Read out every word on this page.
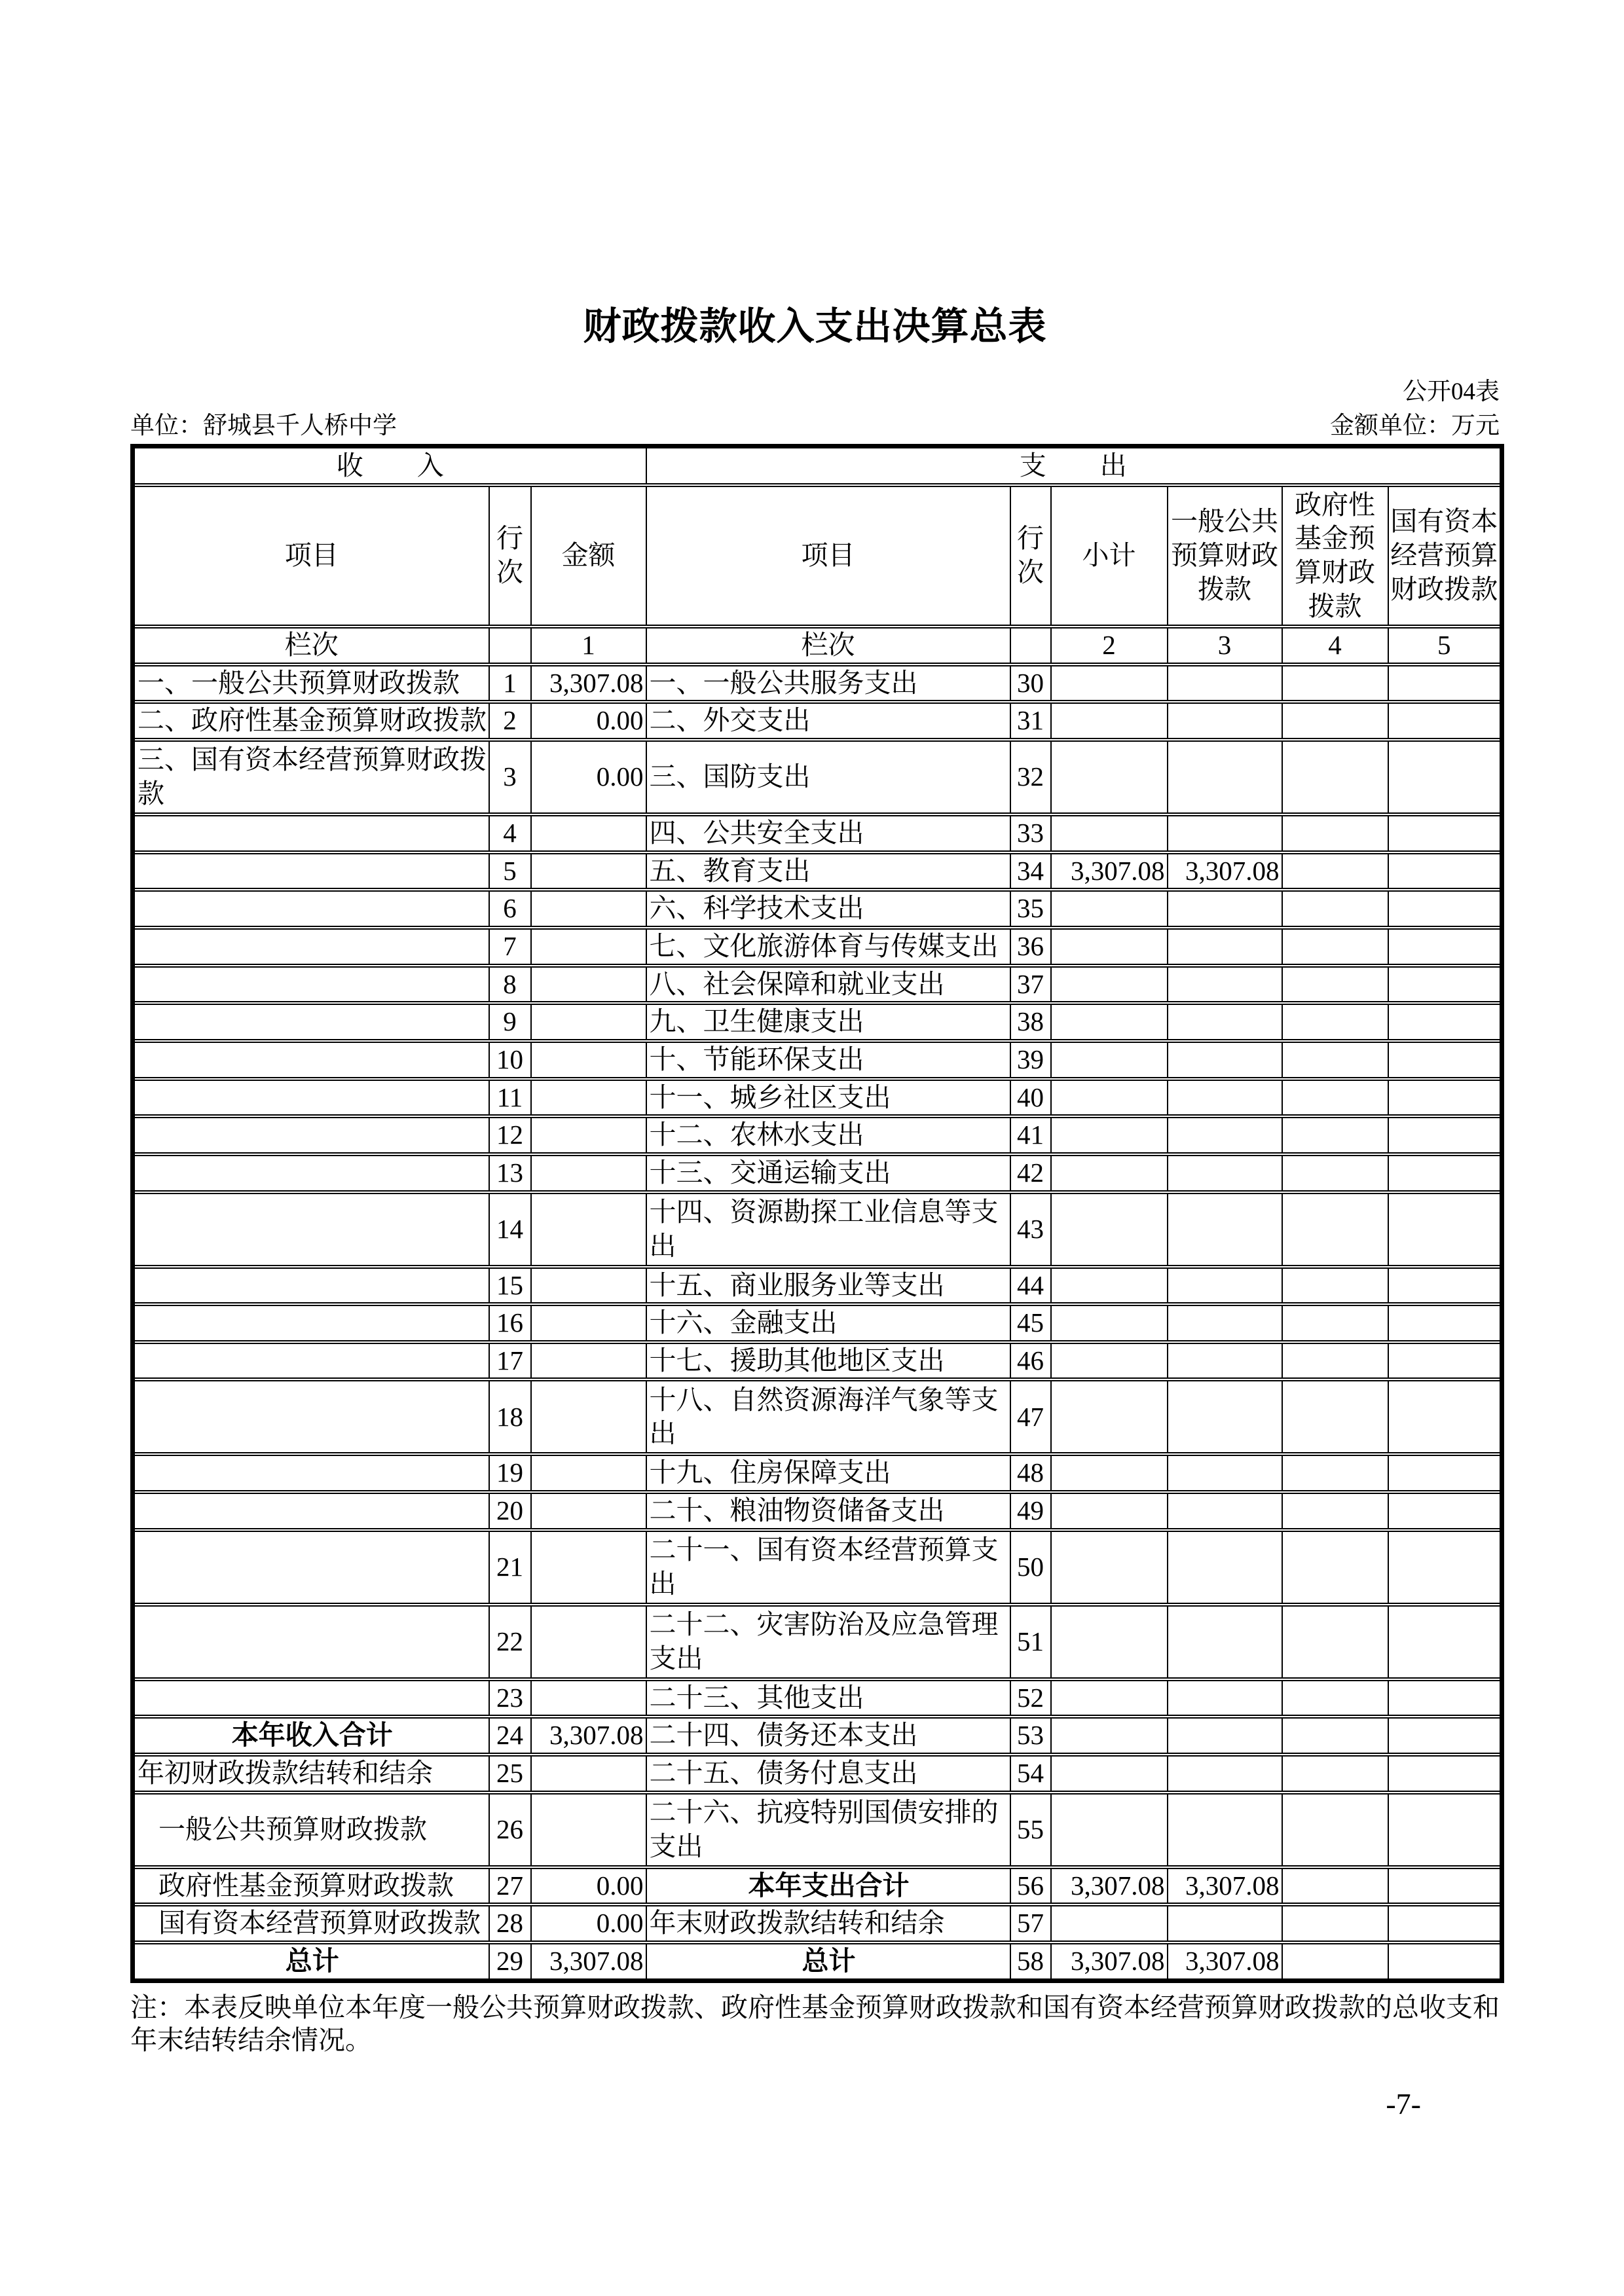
财政拨款收入支出决算总表
公开04表
单位：舒城县千人桥中学	金额单位：万元
收　　入			支　　出					
项目	行次	金额	项目	行次	小计	一般公共预算财政拨款	政府性基金预算财政拨款	国有资本经营预算财政拨款
栏次		1	栏次		2	3	4	5
一、一般公共预算财政拨款	1	3,307.08	一、一般公共服务支出	30				
二、政府性基金预算财政拨款	2	0.00	二、外交支出	31				
三、国有资本经营预算财政拨款	3	0.00	三、国防支出	32				
	4		四、公共安全支出	33				
	5		五、教育支出	34	3,307.08	3,307.08		
	6		六、科学技术支出	35				
	7		七、文化旅游体育与传媒支出	36				
	8		八、社会保障和就业支出	37				
	9		九、卫生健康支出	38				
	10		十、节能环保支出	39				
	11		十一、城乡社区支出	40				
	12		十二、农林水支出	41				
	13		十三、交通运输支出	42				
	14		十四、资源勘探工业信息等支出	43				
	15		十五、商业服务业等支出	44				
	16		十六、金融支出	45				
	17		十七、援助其他地区支出	46				
	18		十八、自然资源海洋气象等支出	47				
	19		十九、住房保障支出	48				
	20		二十、粮油物资储备支出	49				
	21		二十一、国有资本经营预算支出	50				
	22		二十二、灾害防治及应急管理支出	51				
	23		二十三、其他支出	52				
本年收入合计	24	3,307.08	二十四、债务还本支出	53				
年初财政拨款结转和结余	25		二十五、债务付息支出	54				
一般公共预算财政拨款	26		二十六、抗疫特别国债安排的支出	55				
政府性基金预算财政拨款	27	0.00	本年支出合计	56	3,307.08	3,307.08		
国有资本经营预算财政拨款	28	0.00	年末财政拨款结转和结余	57				
总计	29	3,307.08	总计	58	3,307.08	3,307.08		

注：本表反映单位本年度一般公共预算财政拨款、政府性基金预算财政拨款和国有资本经营预算财政拨款的总收支和年末结转结余情况。

-7-
